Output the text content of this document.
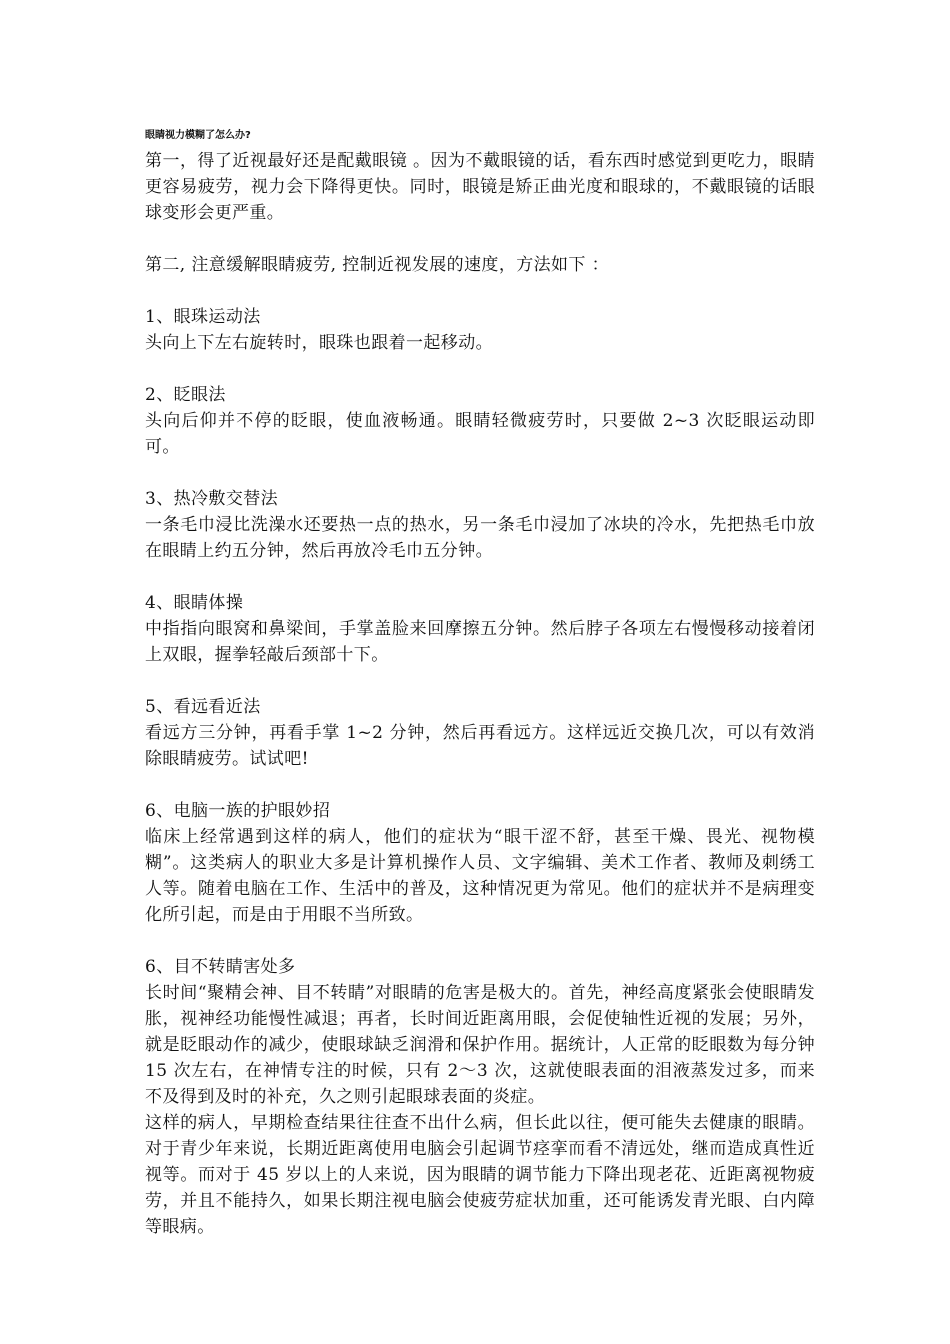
眼睛视力模糊了怎么办?

第一，得了近视最好还是配戴眼镜 。因为不戴眼镜的话，看东西时感觉到更吃力，眼睛更容易疲劳，视力会下降得更快。同时，眼镜是矫正曲光度和眼球的，不戴眼镜的话眼球变形会更严重。

第二, 注意缓解眼睛疲劳, 控制近视发展的速度，方法如下 ：

1、眼珠运动法

头向上下左右旋转时，眼珠也跟着一起移动。

2、眨眼法

头向后仰并不停的眨眼，使血液畅通。眼睛轻微疲劳时，只要做 2~3 次眨眼运动即可。

3、热冷敷交替法

一条毛巾浸比洗澡水还要热一点的热水，另一条毛巾浸加了冰块的冷水，先把热毛巾放在眼睛上约五分钟，然后再放冷毛巾五分钟。

4、眼睛体操

中指指向眼窝和鼻梁间，手掌盖脸来回摩擦五分钟。然后脖子各项左右慢慢移动接着闭上双眼，握拳轻敲后颈部十下。

5、看远看近法

看远方三分钟，再看手掌 1~2 分钟，然后再看远方。这样远近交换几次，可以有效消除眼睛疲劳。试试吧!

6、电脑一族的护眼妙招

临床上经常遇到这样的病人，他们的症状为“眼干涩不舒，甚至干燥、畏光、视物模糊”。这类病人的职业大多是计算机操作人员、文字编辑、美术工作者、教师及刺绣工人等。随着电脑在工作、生活中的普及，这种情况更为常见。他们的症状并不是病理变化所引起，而是由于用眼不当所致。

6、目不转睛害处多

长时间“聚精会神、目不转睛”对眼睛的危害是极大的。首先，神经高度紧张会使眼睛发胀，视神经功能慢性减退；再者，长时间近距离用眼，会促使轴性近视的发展；另外，就是眨眼动作的减少，使眼球缺乏润滑和保护作用。据统计，人正常的眨眼数为每分钟 15 次左右，在神情专注的时候，只有 2～3 次，这就使眼表面的泪液蒸发过多，而来不及得到及时的补充，久之则引起眼球表面的炎症。

这样的病人，早期检查结果往往查不出什么病，但长此以往，便可能失去健康的眼睛。对于青少年来说，长期近距离使用电脑会引起调节痉挛而看不清远处，继而造成真性近视等。而对于 45 岁以上的人来说，因为眼睛的调节能力下降出现老花、近距离视物疲劳，并且不能持久，如果长期注视电脑会使疲劳症状加重，还可能诱发青光眼、白内障等眼病。
